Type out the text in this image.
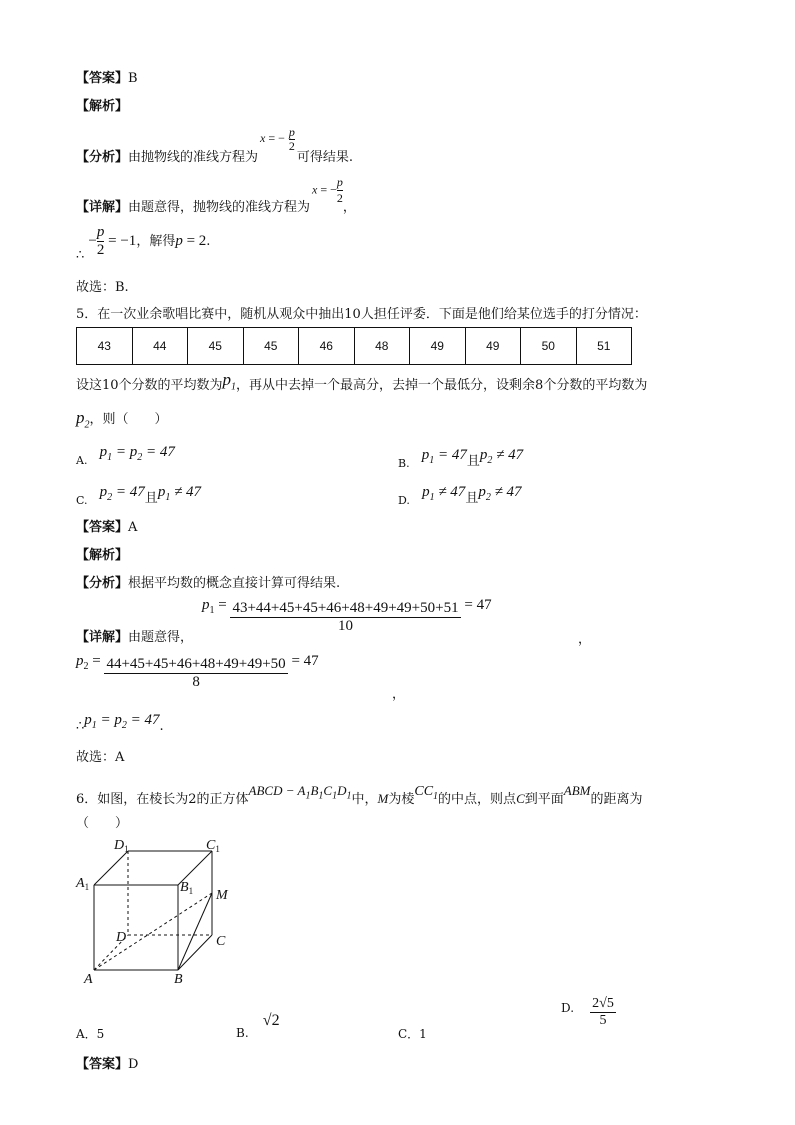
【答案】B
【解析】
【分析】由抛物线的准线方程为x = − $\frac{p}{2}$
可得结果.
【详解】由题意得，抛物线的准线方程为x = − $\frac{p}{2}$
，
∴ − $\frac{p}{2} = -1$，解得p = 2.
故选：B.
5．在一次业余歌唱比赛中，随机从观众中抽出10人担任评委．下面是他们给某位选手的打分情况：
43	44	45	45	46	48	49	49	50	51
设这10个分数的平均数为$p_1$，再从中去掉一个最高分，去掉一个最低分，设剩余8个分数的平均数为
$p_2$，则（　　）
$_{A.}$ $p_1 = p_2 = 47$
$_{B.}$ $p_1 = 47$且$p_2 \ne 47$
$_{C.}$ $p_2 = 47$且$p_1 \ne 47$
$_{D.}$ $p_1 \ne 47$且$p_2 \ne 47$
【答案】A
【解析】
【分析】根据平均数的概念直接计算可得结果.
【详解】由题意得，
$p_1 = \frac{43+44+45+45+46+48+49+49+50+51}{10} = 47$
，
$p_2 = \frac{44+45+45+46+48+49+49+50}{8} = 47$
，
$\therefore p_1 = p_2 = 47$.
故选：A
6．如图，在棱长为2的正方体ABCD − $A_1B_1C_1D_1$中，M为棱$CC_1$的中点，则点C到平面ABM的距离为
（　　）
$D_1$	$C_1$
$A_1$	$B_1$ M
D	C
A	B
A．5	B. √2
C．1
D. $\frac{2√5}{5}$
【答案】D
